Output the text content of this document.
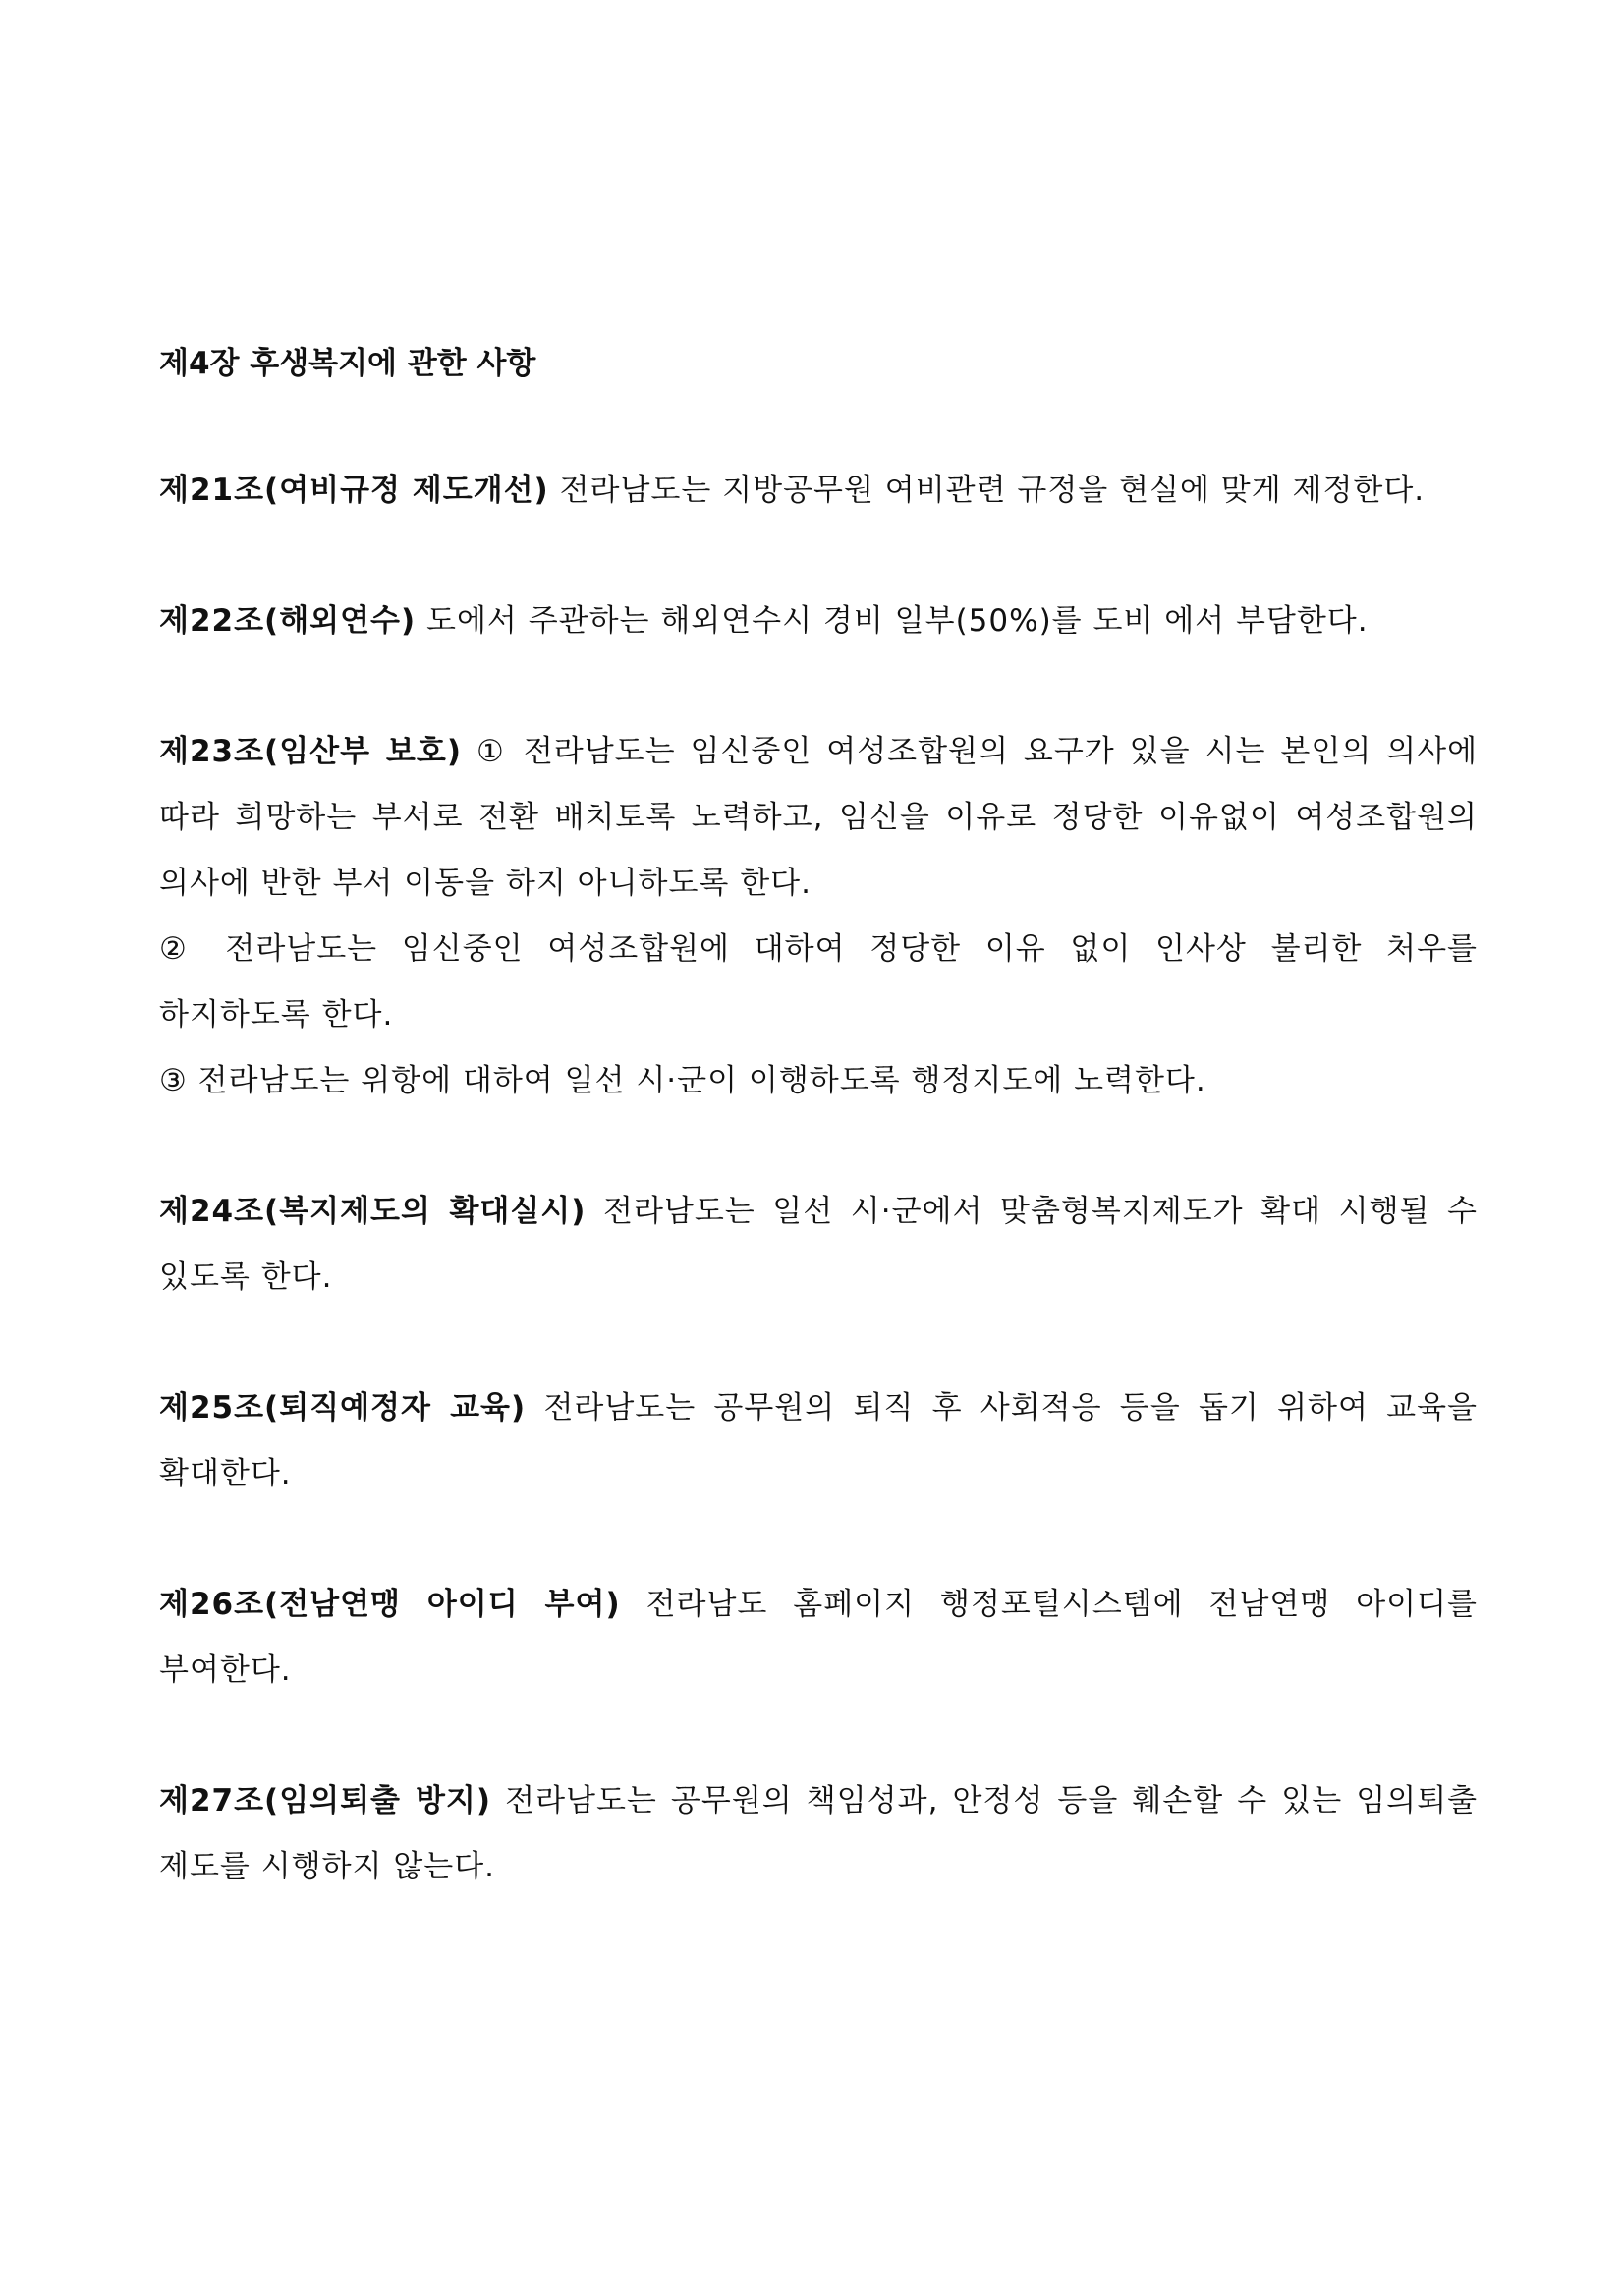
제4장 후생복지에 관한 사항

제21조(여비규정 제도개선) 전라남도는 지방공무원 여비관련 규정을 현실에 맞게 제정한다.

제22조(해외연수) 도에서 주관하는 해외연수시 경비 일부(50%)를 도비 에서 부담한다.

제23조(임산부 보호) ① 전라남도는 임신중인 여성조합원의 요구가 있을 시는 본인의 의사에 따라 희망하는 부서로 전환 배치토록 노력하고, 임신을 이유로 정당한 이유없이 여성조합원의 의사에 반한 부서 이동을 하지 아니하도록 한다.
② 전라남도는 임신중인 여성조합원에 대하여 정당한 이유 없이 인사상 불리한 처우를 하지하도록 한다.
③ 전라남도는 위항에 대하여 일선 시·군이 이행하도록 행정지도에 노력한다.

제24조(복지제도의 확대실시) 전라남도는 일선 시·군에서 맞춤형복지제도가 확대 시행될 수 있도록 한다.

제25조(퇴직예정자 교육) 전라남도는 공무원의 퇴직 후 사회적응 등을 돕기 위하여 교육을 확대한다.

제26조(전남연맹 아이디 부여) 전라남도 홈페이지 행정포털시스템에 전남연맹 아이디를 부여한다.

제27조(임의퇴출 방지) 전라남도는 공무원의 책임성과, 안정성 등을 훼손할 수 있는 임의퇴출 제도를 시행하지 않는다.
